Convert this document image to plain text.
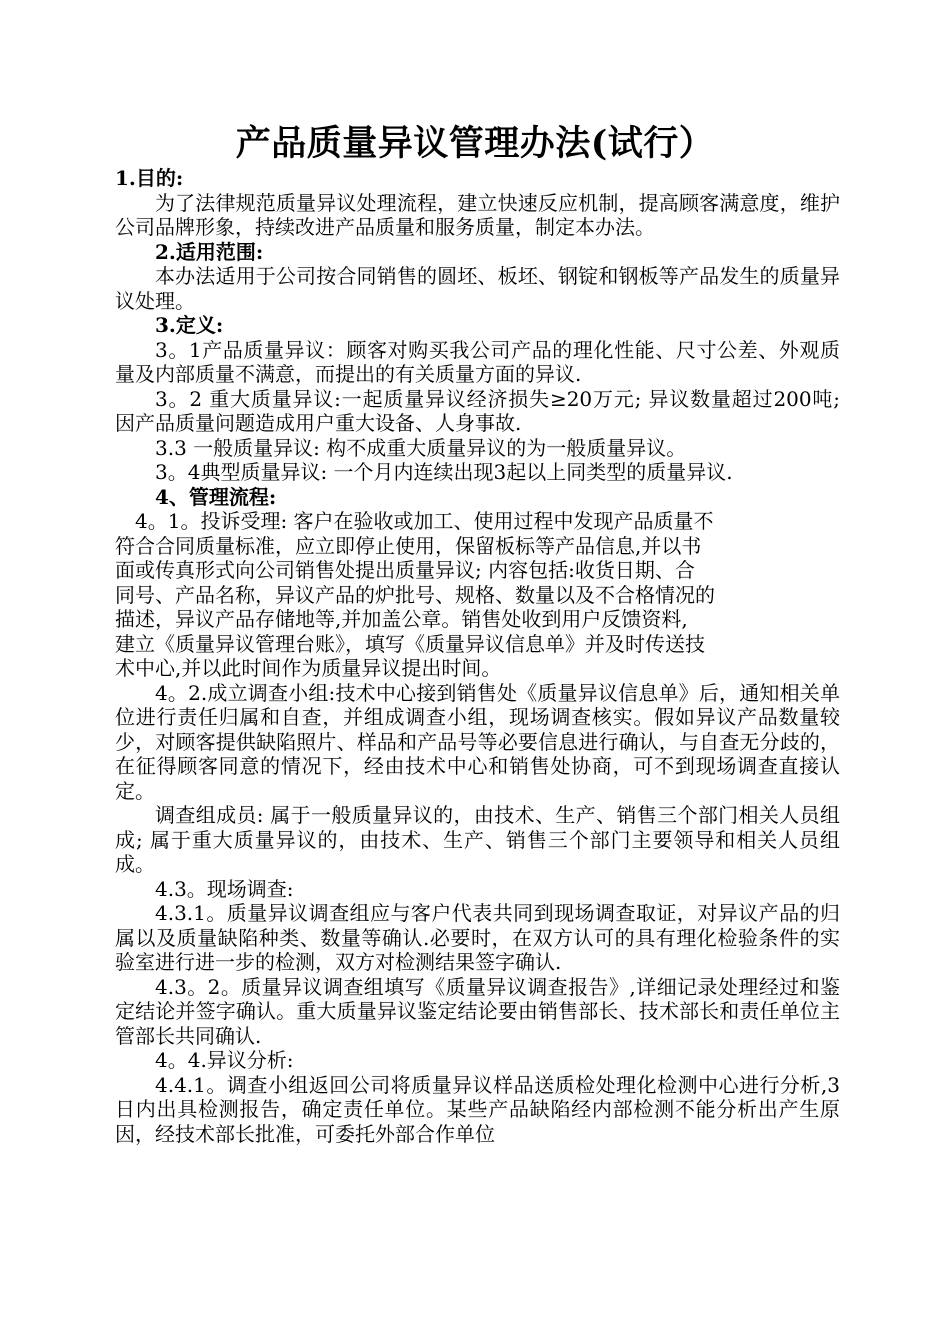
产品质量异议管理办法(试行）

1.目的:

为了法律规范质量异议处理流程，建立快速反应机制，提高顾客满意度，维护公司品牌形象，持续改进产品质量和服务质量，制定本办法。

2.适用范围:

本办法适用于公司按合同销售的圆坯、板坯、钢锭和钢板等产品发生的质量异议处理。

3.定义:

3。1产品质量异议：顾客对购买我公司产品的理化性能、尺寸公差、外观质量及内部质量不满意，而提出的有关质量方面的异议.

3。2 重大质量异议:一起质量异议经济损失≥20万元; 异议数量超过200吨; 因产品质量问题造成用户重大设备、人身事故.

3.3 一般质量异议: 构不成重大质量异议的为一般质量异议。

3。4典型质量异议: 一个月内连续出现3起以上同类型的质量异议.

4、管理流程:

4。1。投诉受理: 客户在验收或加工、使用过程中发现产品质量不

符合合同质量标准，应立即停止使用，保留板标等产品信息,并以书

面或传真形式向公司销售处提出质量异议; 内容包括:收货日期、合

同号、产品名称，异议产品的炉批号、规格、数量以及不合格情况的

描述，异议产品存储地等,并加盖公章。销售处收到用户反馈资料,

建立《质量异议管理台账》，填写《质量异议信息单》并及时传送技

术中心,并以此时间作为质量异议提出时间。

4。2.成立调查小组:技术中心接到销售处《质量异议信息单》后，通知相关单位进行责任归属和自查，并组成调查小组，现场调查核实。假如异议产品数量较少，对顾客提供缺陷照片、样品和产品号等必要信息进行确认，与自查无分歧的，在征得顾客同意的情况下，经由技术中心和销售处协商，可不到现场调查直接认定。

调查组成员: 属于一般质量异议的，由技术、生产、销售三个部门相关人员组成; 属于重大质量异议的，由技术、生产、销售三个部门主要领导和相关人员组成。

4.3。现场调查:

4.3.1。质量异议调查组应与客户代表共同到现场调查取证，对异议产品的归属以及质量缺陷种类、数量等确认.必要时，在双方认可的具有理化检验条件的实验室进行进一步的检测，双方对检测结果签字确认.

4.3。2。质量异议调查组填写《质量异议调查报告》,详细记录处理经过和鉴定结论并签字确认。重大质量异议鉴定结论要由销售部长、技术部长和责任单位主管部长共同确认.

4。4.异议分析:

4.4.1。调查小组返回公司将质量异议样品送质检处理化检测中心进行分析,3日内出具检测报告，确定责任单位。某些产品缺陷经内部检测不能分析出产生原因，经技术部长批准，可委托外部合作单位
